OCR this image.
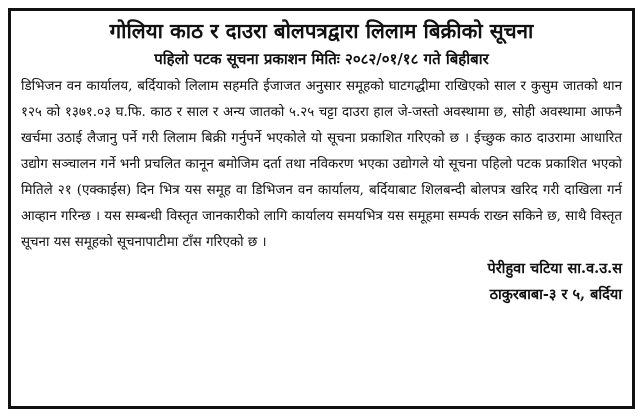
गोलिया काठ र दाउरा बोलपत्रद्वारा लिलाम बिक्रीको सूचना
पहिलो पटक सूचना प्रकाशन मितिः २०८२/०१/१८ गते बिहीबार

डिभिजन वन कार्यालय, बर्दियाको लिलाम सहमति ईजाजत अनुसार समूहको घाटगद्धीमा राखिएको साल र कुसुम जातको थान १२५ को १३७१.०३ घ.फि. काठ र साल र अन्य जातको ५.२५ चट्टा दाउरा हाल जे-जस्तो अवस्थामा छ, सोही अवस्थामा आफनै खर्चमा उठाई लैजानु पर्ने गरी लिलाम बिक्री गर्नुपर्ने भएकोले यो सूचना प्रकाशित गरिएको छ । ईच्छुक काठ दाउरामा आधारित उद्योग सञ्चालन गर्ने भनी प्रचलित कानून बमोजिम दर्ता तथा नविकरण भएका उद्योगले यो सूचना पहिलो पटक प्रकाशित भएको मितिले २१ (एक्काईस) दिन भित्र यस समूह वा डिभिजन वन कार्यालय, बर्दियाबाट शिलबन्दी बोलपत्र खरिद गरी दाखिला गर्न आव्हान गरिन्छ । यस सम्बन्धी विस्तृत जानकारीको लागि कार्यालय समयभित्र यस समूहमा सम्पर्क राख्न सकिने छ, साथै विस्तृत सूचना यस समूहको सूचनापाटीमा टाँस गरिएको छ ।

पेरीहुवा चटिया सा.व.उ.स

ठाकुरबाबा-३ र ५, बर्दिया
